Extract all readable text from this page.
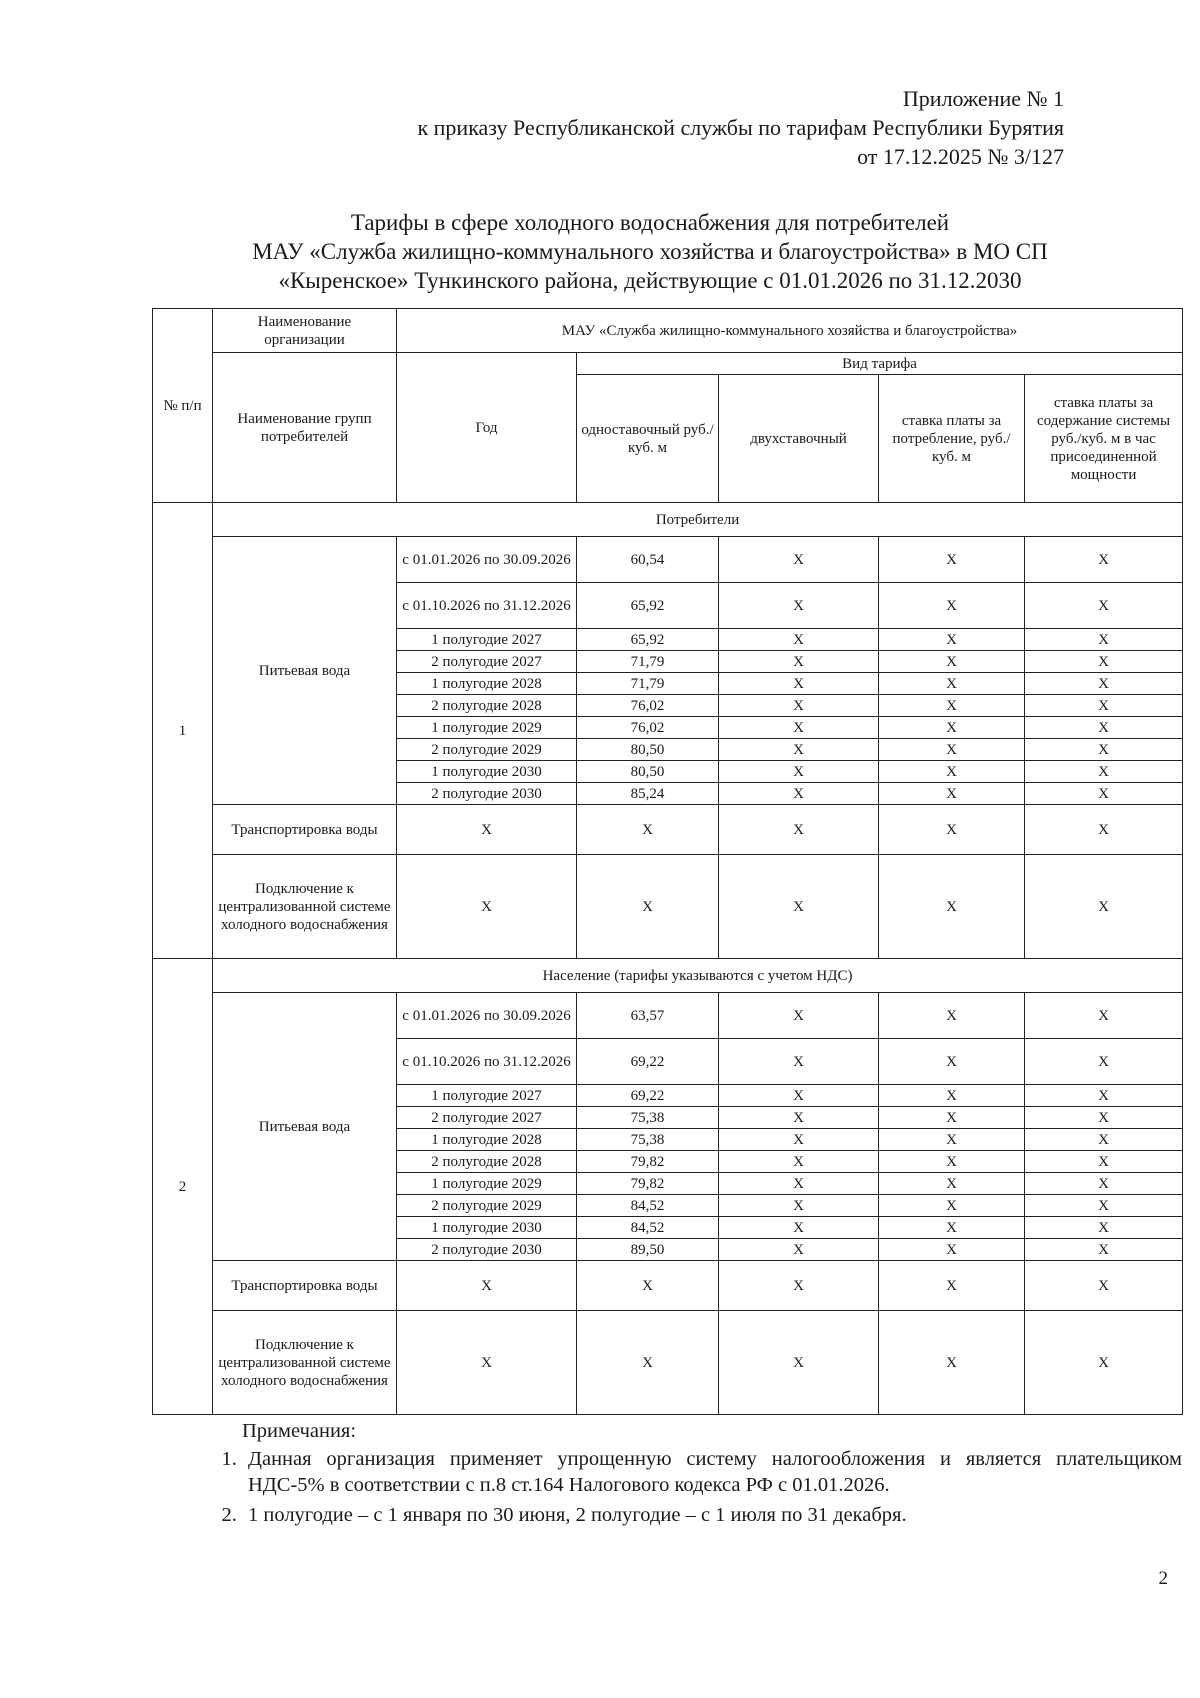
Приложение № 1
к приказу Республиканской службы по тарифам Республики Бурятия
от 17.12.2025 № 3/127
Тарифы в сфере холодного водоснабжения для потребителей
МАУ «Служба жилищно-коммунального хозяйства и благоустройства» в МО СП
«Кыренское» Тункинского района, действующие с 01.01.2026 по 31.12.2030
№ п/п	Наименование организации	МАУ «Служба жилищно-коммунального хозяйства и благоустройства»				
	Наименование групп потребителей	Год	Вид тарифа			
			одноставочный руб./ куб. м	двухставочный	ставка платы за потребление, руб./ куб. м	ставка платы за содержание системы руб./куб. м в час присоединенной мощности
1	Потребители					
	Питьевая вода	с 01.01.2026 по 30.09.2026	60,54	X	X	X
		с 01.10.2026 по 31.12.2026	65,92	X	X	X
		1 полугодие 2027	65,92	X	X	X
		2 полугодие 2027	71,79	X	X	X
		1 полугодие 2028	71,79	X	X	X
		2 полугодие 2028	76,02	X	X	X
		1 полугодие 2029	76,02	X	X	X
		2 полугодие 2029	80,50	X	X	X
		1 полугодие 2030	80,50	X	X	X
		2 полугодие 2030	85,24	X	X	X
	Транспортировка воды	X	X	X	X	X
	Подключение к централизованной системе холодного водоснабжения	X	X	X	X	X
2	Население (тарифы указываются с учетом НДС)					
	Питьевая вода	с 01.01.2026 по 30.09.2026	63,57	X	X	X
		с 01.10.2026 по 31.12.2026	69,22	X	X	X
		1 полугодие 2027	69,22	X	X	X
		2 полугодие 2027	75,38	X	X	X
		1 полугодие 2028	75,38	X	X	X
		2 полугодие 2028	79,82	X	X	X
		1 полугодие 2029	79,82	X	X	X
		2 полугодие 2029	84,52	X	X	X
		1 полугодие 2030	84,52	X	X	X
		2 полугодие 2030	89,50	X	X	X
	Транспортировка воды	X	X	X	X	X
	Подключение к централизованной системе холодного водоснабжения	X	X	X	X	X
Примечания:
1. Данная организация применяет упрощенную систему налогообложения и является плательщиком НДС-5% в соответствии с п.8 ст.164 Налогового кодекса РФ с 01.01.2026.
2. 1 полугодие – с 1 января по 30 июня, 2 полугодие – с 1 июля по 31 декабря.
2
